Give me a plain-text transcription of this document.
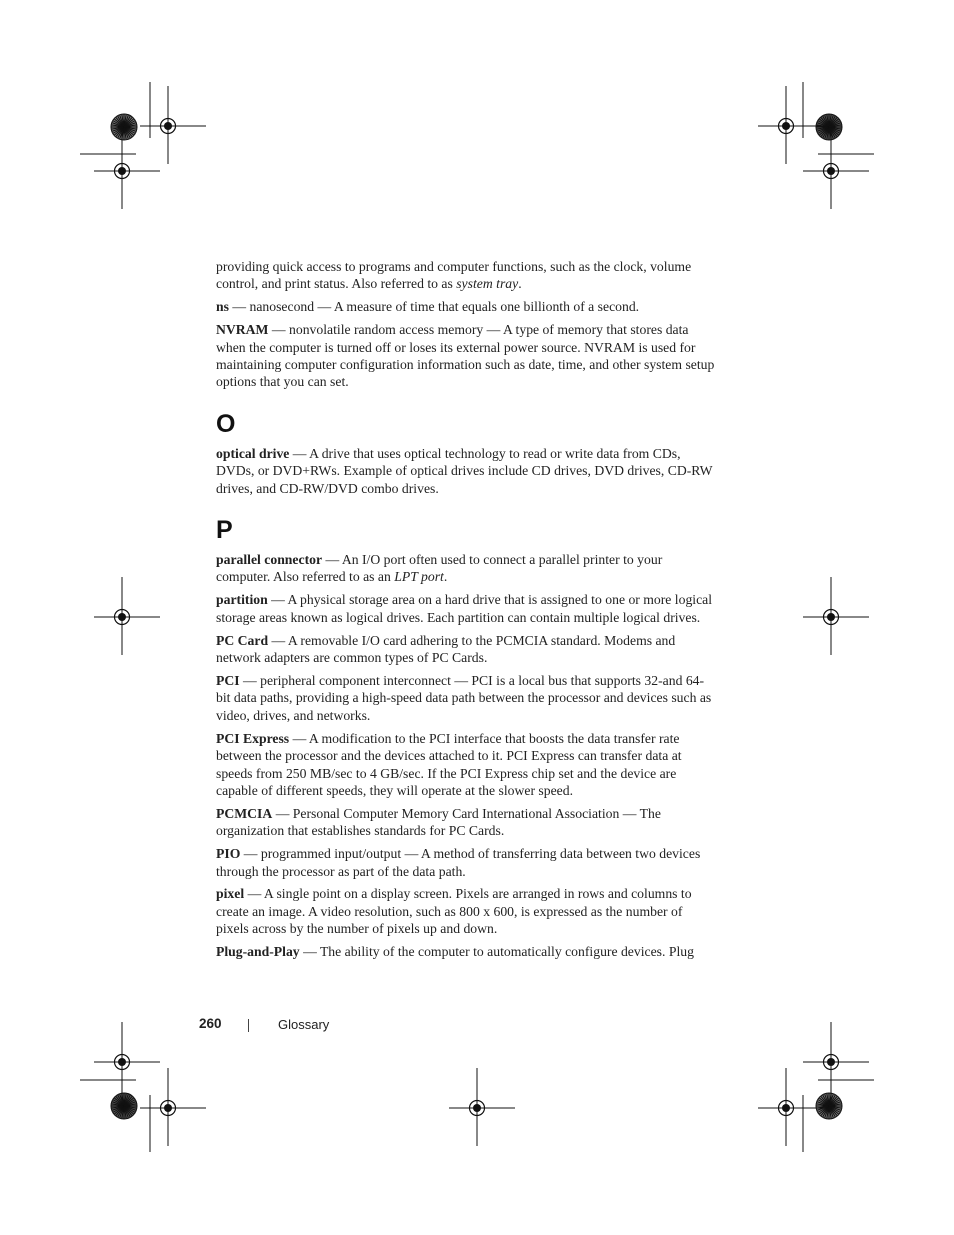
providing quick access to programs and computer functions, such as the clock, volume control, and print status. Also referred to as system tray.

ns — nanosecond — A measure of time that equals one billionth of a second.

NVRAM — nonvolatile random access memory — A type of memory that stores data when the computer is turned off or loses its external power source. NVRAM is used for maintaining computer configuration information such as date, time, and other system setup options that you can set.

O

optical drive — A drive that uses optical technology to read or write data from CDs, DVDs, or DVD+RWs. Example of optical drives include CD drives, DVD drives, CD-RW drives, and CD-RW/DVD combo drives.

P

parallel connector — An I/O port often used to connect a parallel printer to your computer. Also referred to as an LPT port.

partition — A physical storage area on a hard drive that is assigned to one or more logical storage areas known as logical drives. Each partition can contain multiple logical drives.

PC Card — A removable I/O card adhering to the PCMCIA standard. Modems and network adapters are common types of PC Cards.

PCI — peripheral component interconnect — PCI is a local bus that supports 32-and 64-bit data paths, providing a high-speed data path between the processor and devices such as video, drives, and networks.

PCI Express — A modification to the PCI interface that boosts the data transfer rate between the processor and the devices attached to it. PCI Express can transfer data at speeds from 250 MB/sec to 4 GB/sec. If the PCI Express chip set and the device are capable of different speeds, they will operate at the slower speed.

PCMCIA — Personal Computer Memory Card International Association — The organization that establishes standards for PC Cards.

PIO — programmed input/output — A method of transferring data between two devices through the processor as part of the data path.

pixel — A single point on a display screen. Pixels are arranged in rows and columns to create an image. A video resolution, such as 800 x 600, is expressed as the number of pixels across by the number of pixels up and down.

Plug-and-Play — The ability of the computer to automatically configure devices. Plug

260	Glossary
